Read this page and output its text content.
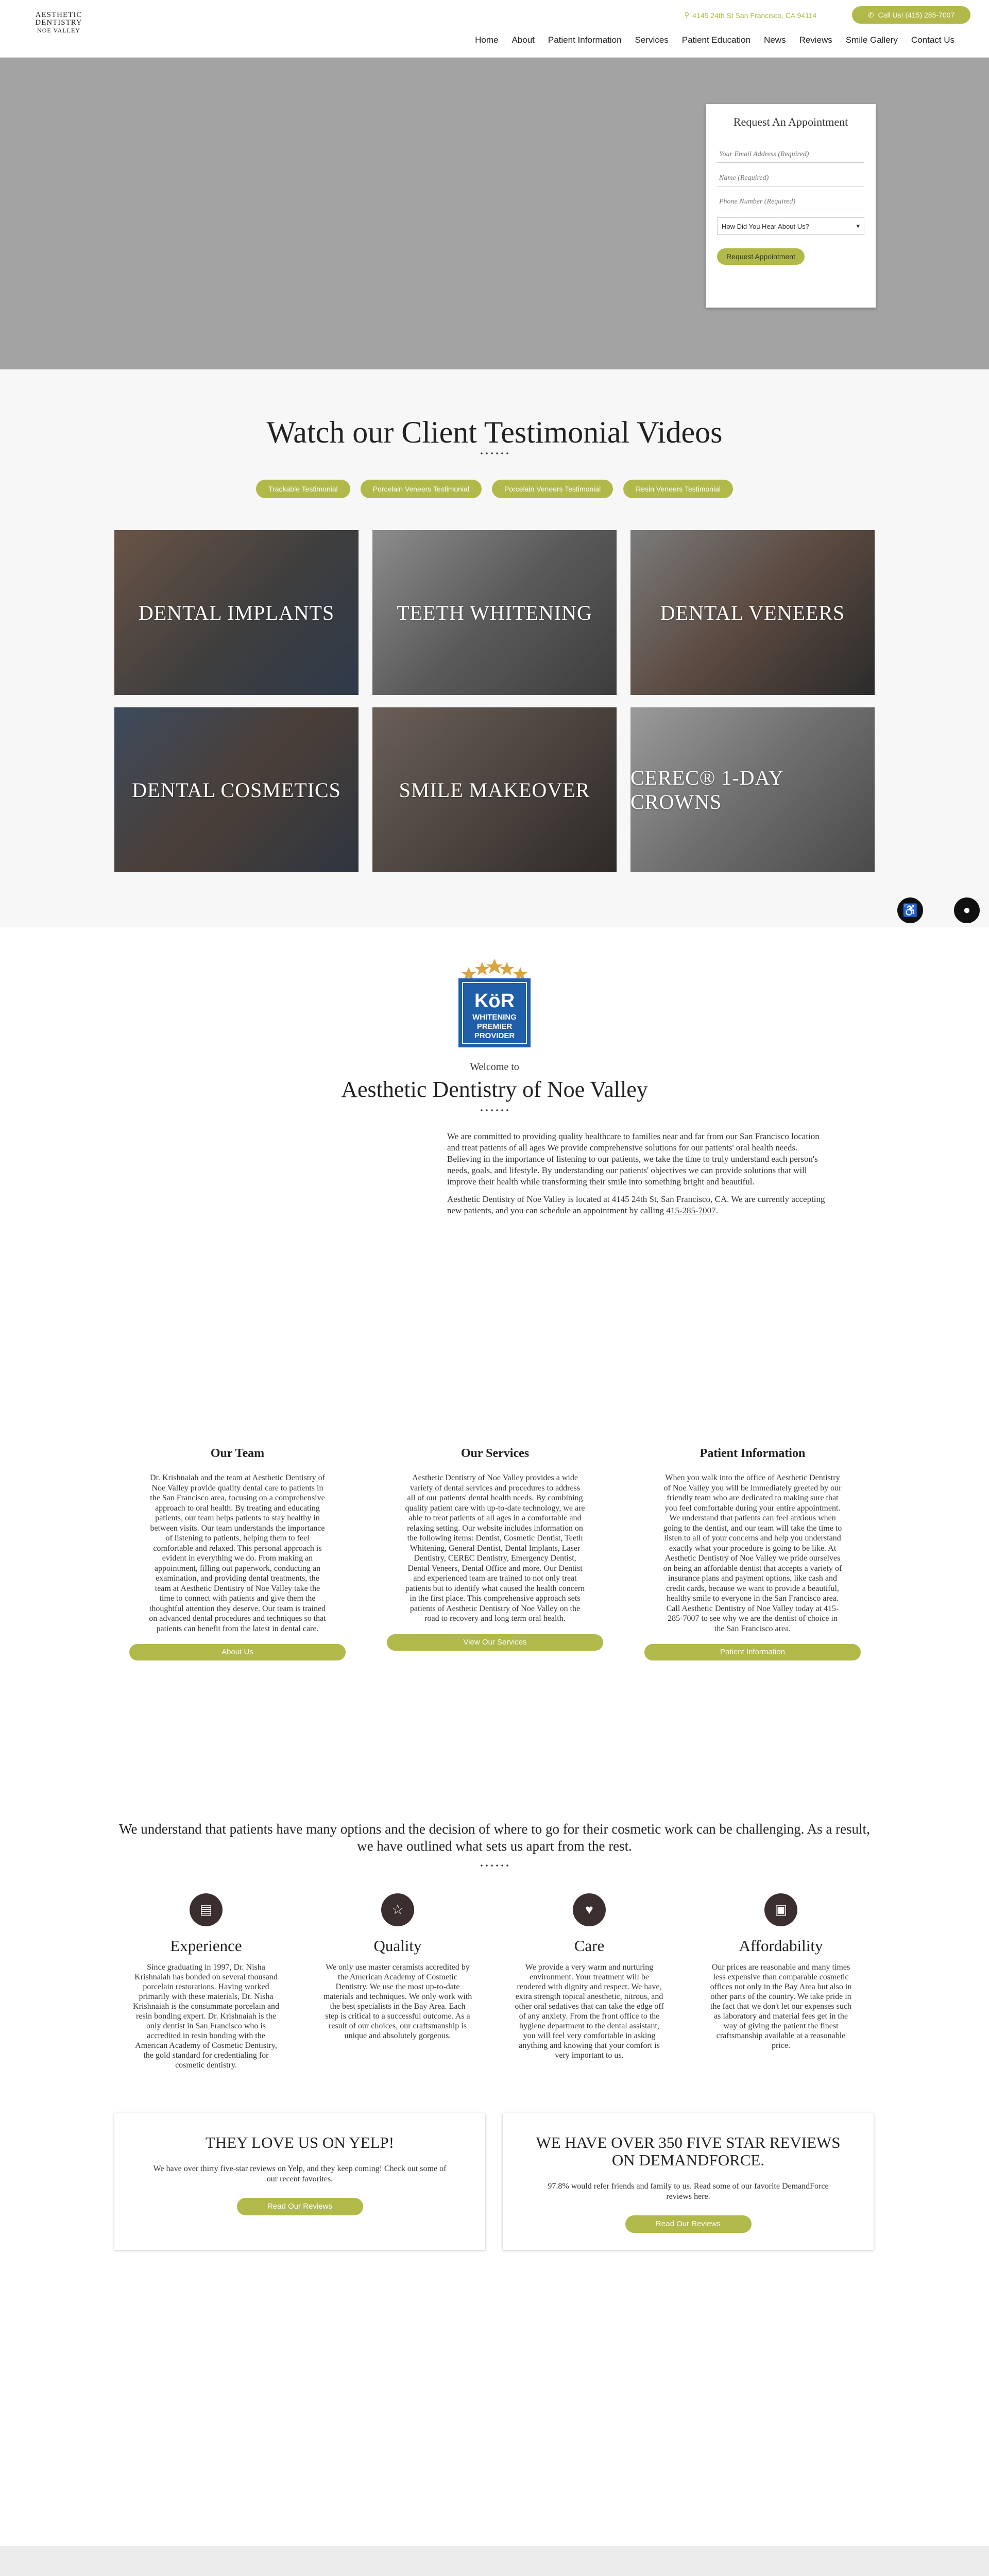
AESTHETIC
DENTISTRY
NOE VALLEY
⚲ 4145 24th St San Francisco, CA 94114	✆ Call Us! (415) 285-7007
Home	About	Patient Information	Services	Patient Education	News	Reviews	Smile Gallery	Contact Us
Request An Appointment
Your Email Address (Required) Name (Required) Phone Number (Required)
How Did You Hear About Us?	▾
Request Appointment
Watch our Client Testimonial Videos
Trackable Testimonial	Porcelain Veneers Testimonial	Porcelain Veneers Testimonial	Resin Veneers Testimonial
DENTAL IMPLANTS	TEETH WHITENING	DENTAL VENEERS
DENTAL COSMETICS	SMILE MAKEOVER
CEREC® 1-DAY CROWNS
♿	●
KöR
WHITENING
PREMIER
PROVIDER
Welcome to
Aesthetic Dentistry of Noe Valley

We are committed to providing quality healthcare to families near and far from our San Francisco location and treat patients of all ages We provide comprehensive solutions for our patients' oral health needs. Believing in the importance of listening to our patients, we take the time to truly understand each person's needs, goals, and lifestyle. By understanding our patients' objectives we can provide solutions that will improve their health while transforming their smile into something bright and beautiful.

Aesthetic Dentistry of Noe Valley is located at 4145 24th St, San Francisco, CA. We are currently accepting new patients, and you can schedule an appointment by calling 415-285-7007.

Our Team

Dr. Krishnaiah and the team at Aesthetic Dentistry of Noe Valley provide quality dental care to patients in the San Francisco area, focusing on a comprehensive approach to oral health. By treating and educating patients, our team helps patients to stay healthy in between visits. Our team understands the importance of listening to patients, helping them to feel comfortable and relaxed. This personal approach is evident in everything we do. From making an appointment, filling out paperwork, conducting an examination, and providing dental treatments, the team at Aesthetic Dentistry of Noe Valley take the time to connect with patients and give them the thoughtful attention they deserve. Our team is trained on advanced dental procedures and techniques so that patients can benefit from the latest in dental care.

About Us
Our Services

Aesthetic Dentistry of Noe Valley provides a wide variety of dental services and procedures to address all of our patients' dental health needs. By combining quality patient care with up-to-date technology, we are able to treat patients of all ages in a comfortable and relaxing setting. Our website includes information on the following items: Dentist, Cosmetic Dentist, Teeth Whitening, General Dentist, Dental Implants, Laser Dentistry, CEREC Dentistry, Emergency Dentist, Dental Veneers, Dental Office and more. Our Dentist and experienced team are trained to not only treat patients but to identify what caused the health concern in the first place. This comprehensive approach sets patients of Aesthetic Dentistry of Noe Valley on the road to recovery and long term oral health.

View Our Services
Patient Information

When you walk into the office of Aesthetic Dentistry of Noe Valley you will be immediately greeted by our friendly team who are dedicated to making sure that you feel comfortable during your entire appointment. We understand that patients can feel anxious when going to the dentist, and our team will take the time to listen to all of your concerns and help you understand exactly what your procedure is going to be like. At Aesthetic Dentistry of Noe Valley we pride ourselves on being an affordable dentist that accepts a variety of insurance plans and payment options, like cash and credit cards, because we want to provide a beautiful, healthy smile to everyone in the San Francisco area. Call Aesthetic Dentistry of Noe Valley today at 415-285-7007 to see why we are the dentist of choice in the San Francisco area.

Patient Information
We understand that patients have many options and the decision of where to go for their cosmetic work can be challenging. As a result, we have outlined what sets us apart from the rest.
▤
Experience

Since graduating in 1997, Dr. Nisha Krishnaiah has bonded on several thousand porcelain restorations. Having worked primarily with these materials, Dr. Nisha Krishnaiah is the consummate porcelain and resin bonding expert. Dr. Krishnaiah is the only dentist in San Francisco who is accredited in resin bonding with the American Academy of Cosmetic Dentistry, the gold standard for credentialing for cosmetic dentistry.

☆
Quality

We only use master ceramists accredited by the American Academy of Cosmetic Dentistry. We use the most up-to-date materials and techniques. We only work with the best specialists in the Bay Area. Each step is critical to a successful outcome. As a result of our choices, our craftsmanship is unique and absolutely gorgeous.

♥
Care

We provide a very warm and nurturing environment. Your treatment will be rendered with dignity and respect. We have, extra strength topical anesthetic, nitrous, and other oral sedatives that can take the edge off of any anxiety. From the front office to the hygiene department to the dental assistant, you will feel very comfortable in asking anything and knowing that your comfort is very important to us.

▣
Affordability

Our prices are reasonable and many times less expensive than comparable cosmetic offices not only in the Bay Area but also in other parts of the country. We take pride in the fact that we don't let our expenses such as laboratory and material fees get in the way of giving the patient the finest craftsmanship available at a reasonable price.

THEY LOVE US ON YELP!

We have over thirty five-star reviews on Yelp, and they keep coming! Check out some of our recent favorites.

Read Our Reviews
WE HAVE OVER 350 FIVE STAR REVIEWS ON DEMANDFORCE.

97.8% would refer friends and family to us. Read some of our favorite DemandForce reviews here.

Read Our Reviews
